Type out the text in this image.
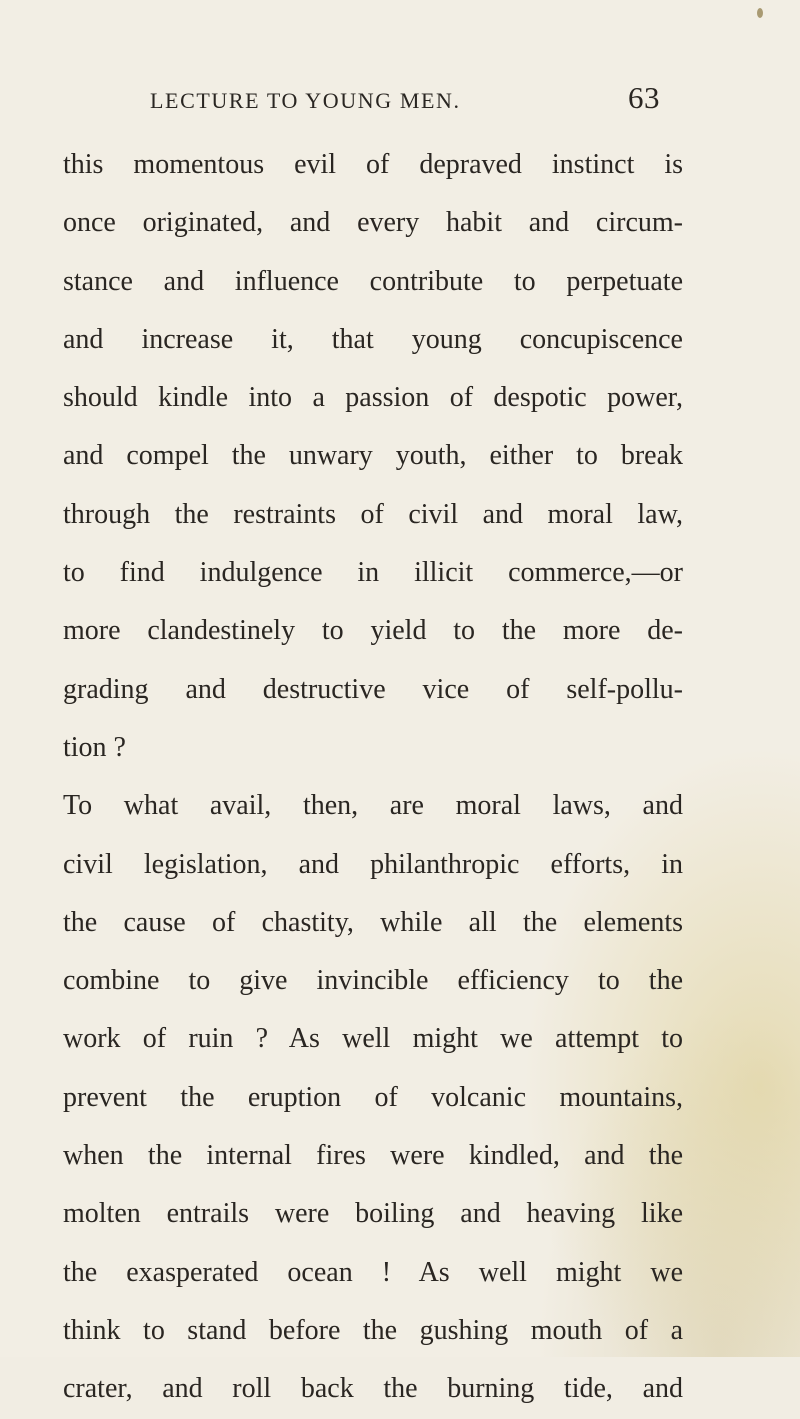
LECTURE TO YOUNG MEN.	63
this momentous evil of depraved instinct is
once originated, and every habit and circum-
stance and influence contribute to perpetuate
and increase it, that young concupiscence
should kindle into a passion of despotic power,
and compel the unwary youth, either to break
through the restraints of civil and moral law,
to find indulgence in illicit commerce,—or
more clandestinely to yield to the more de-
grading and destructive vice of self-pollu-
tion ?
To what avail, then, are moral laws, and
civil legislation, and philanthropic efforts, in
the cause of chastity, while all the elements
combine to give invincible efficiency to the
work of ruin ? As well might we attempt to
prevent the eruption of volcanic mountains,
when the internal fires were kindled, and the
molten entrails were boiling and heaving like
the exasperated ocean ! As well might we
think to stand before the gushing mouth of a
crater, and roll back the burning tide, and
